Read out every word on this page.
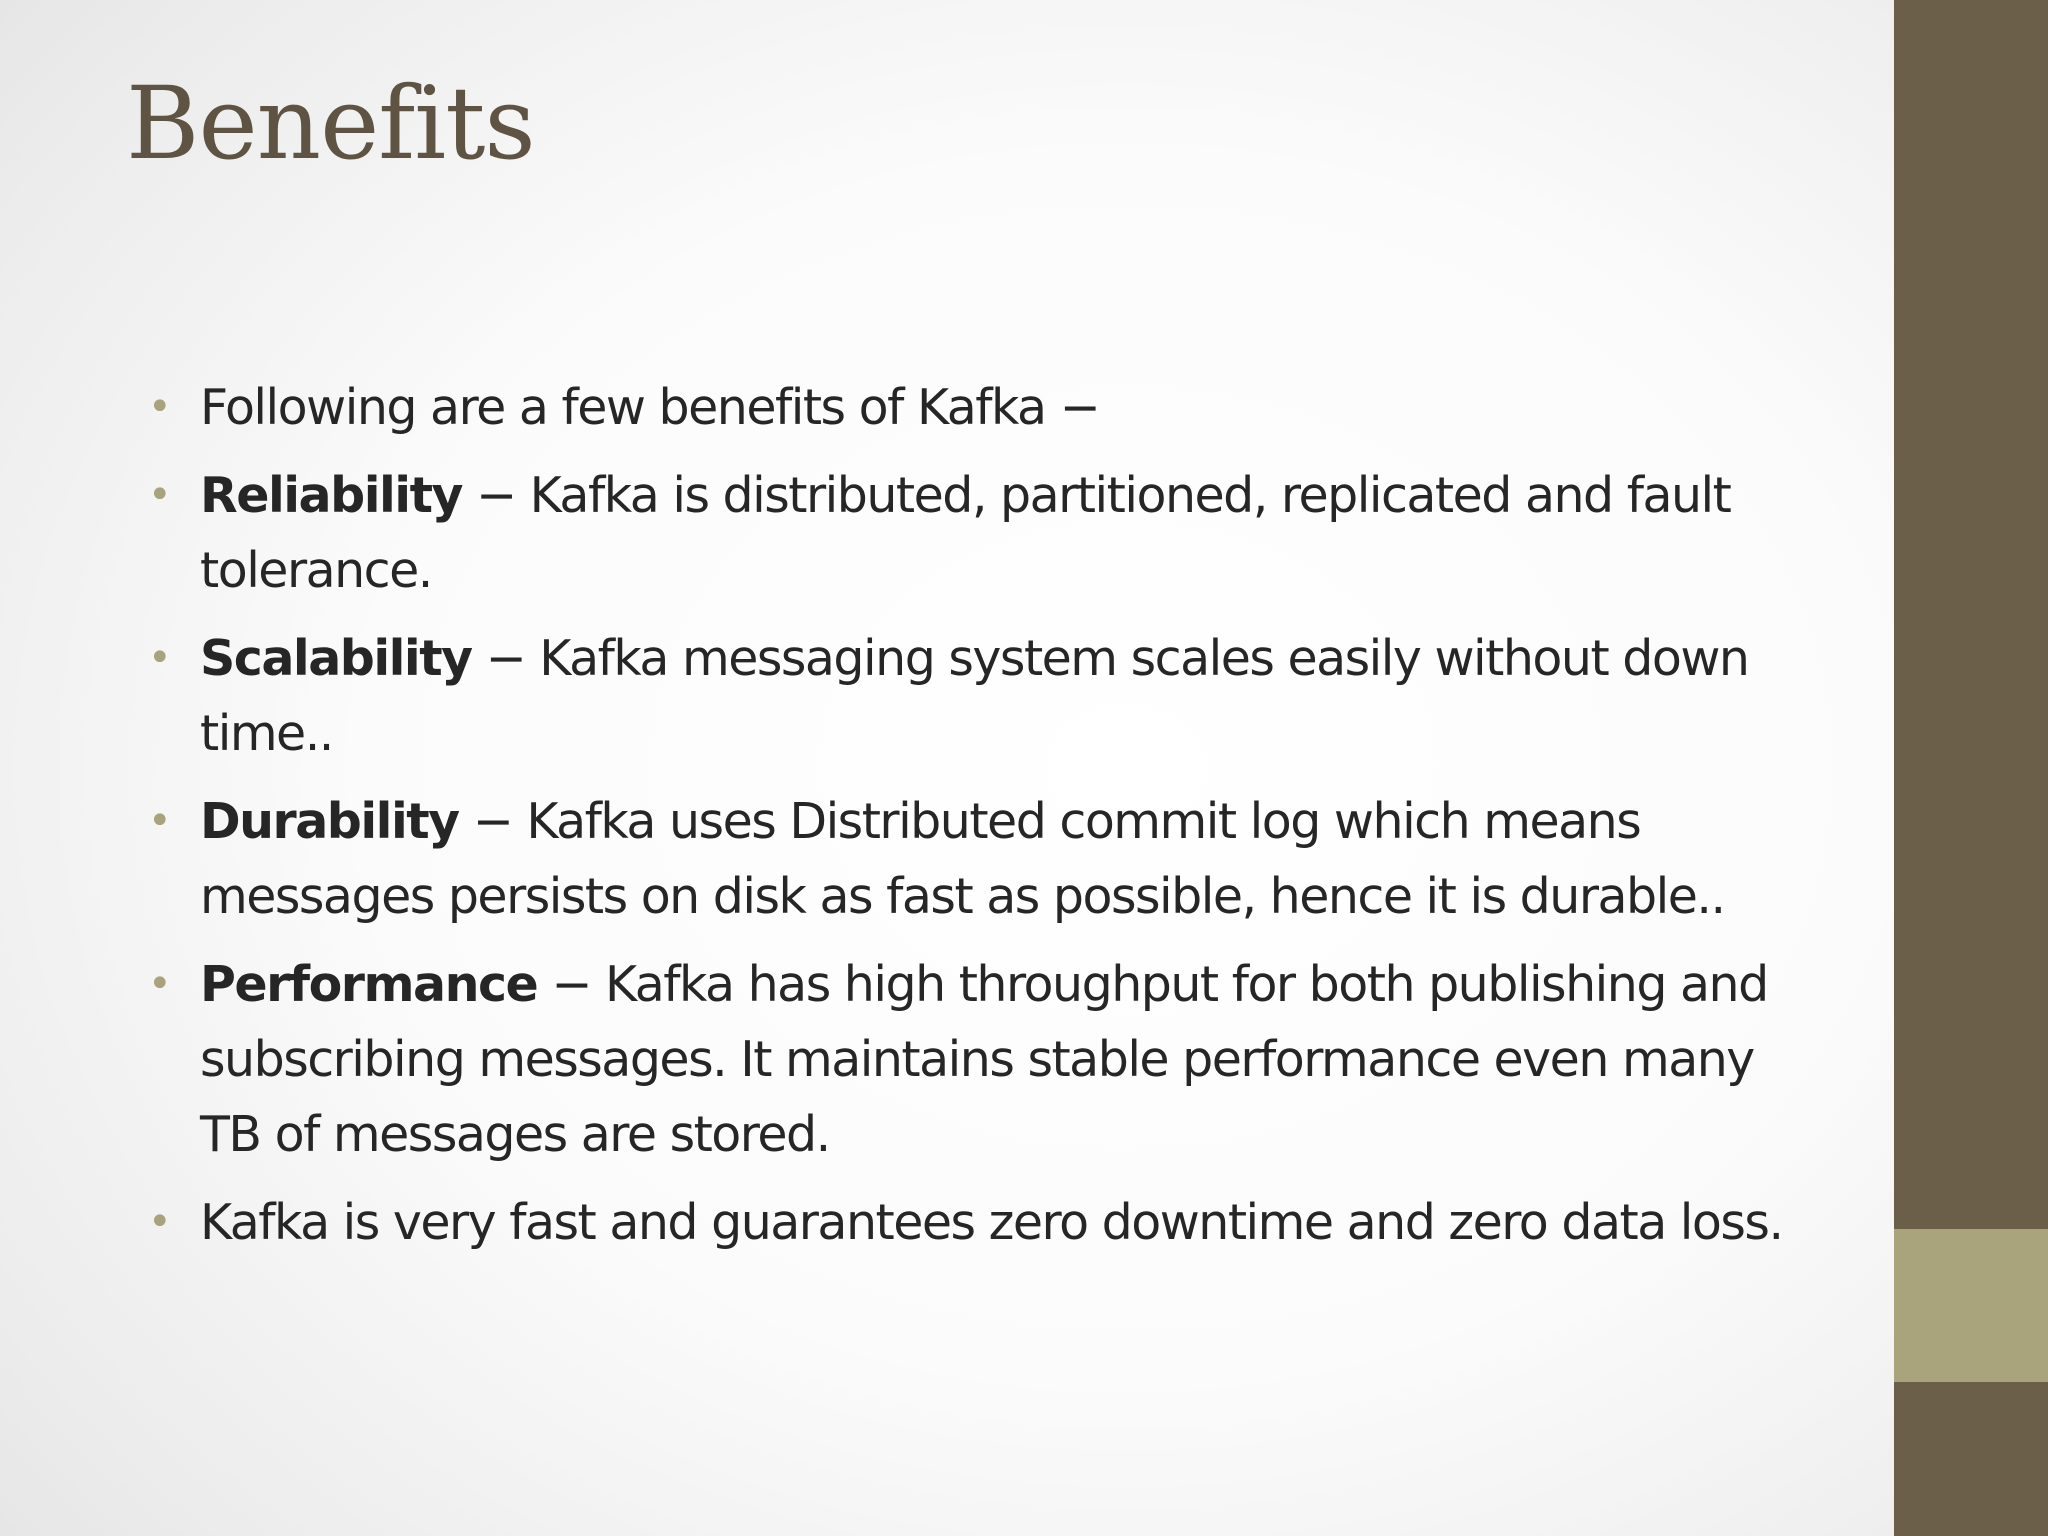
Benefits
• Following are a few benefits of Kafka −
• Reliability − Kafka is distributed, partitioned, replicated and fault tolerance.
• Scalability − Kafka messaging system scales easily without down time..
• Durability − Kafka uses Distributed commit log which means messages persists on disk as fast as possible, hence it is durable..
• Performance − Kafka has high throughput for both publishing and subscribing messages. It maintains stable performance even many TB of messages are stored.
• Kafka is very fast and guarantees zero downtime and zero data loss.
